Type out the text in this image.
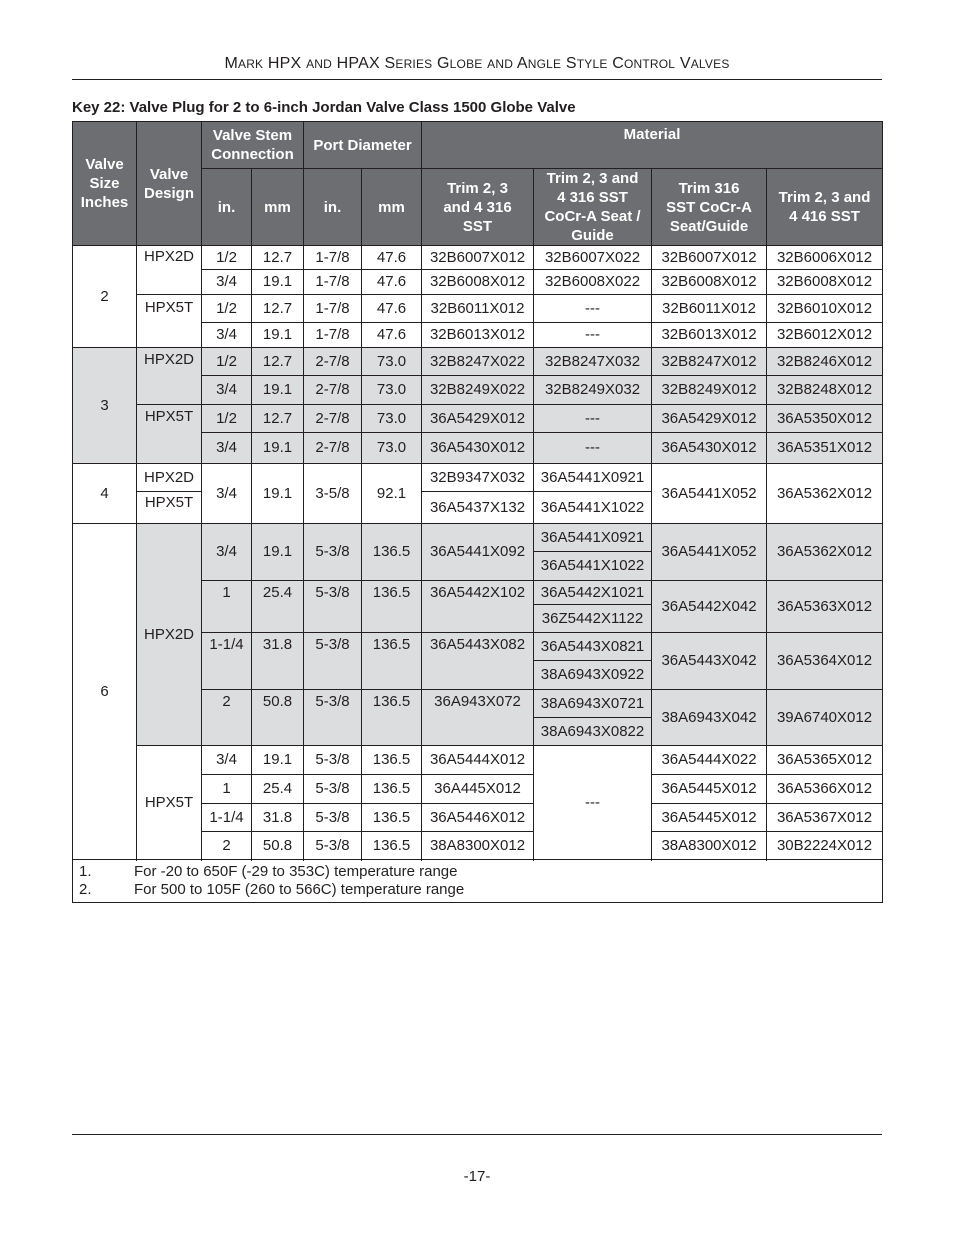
MARK HPX AND HPAX SERIES GLOBE AND ANGLE STYLE CONTROL VALVES
Key 22: Valve Plug for 2 to 6-inch Jordan Valve Class 1500 Globe Valve
Valve Size Inches	Valve Design	Valve Stem Connection		Port Diameter		Material			
		in.	mm	in.	mm	Trim 2, 3 and 4 316 SST	Trim 2, 3 and 4 316 SST CoCr-A Seat / Guide	Trim 316 SST CoCr-A Seat/Guide	Trim 2, 3 and 4 416 SST
2	HPX2D	1/2	12.7	1-7/8	47.6	32B6007X012	32B6007X022	32B6007X012	32B6006X012
		3/4	19.1	1-7/8	47.6	32B6008X012	32B6008X022	32B6008X012	32B6008X012
	HPX5T	1/2	12.7	1-7/8	47.6	32B6011X012	---	32B6011X012	32B6010X012
		3/4	19.1	1-7/8	47.6	32B6013X012	---	32B6013X012	32B6012X012
3	HPX2D	1/2	12.7	2-7/8	73.0	32B8247X022	32B8247X032	32B8247X012	32B8246X012
		3/4	19.1	2-7/8	73.0	32B8249X022	32B8249X032	32B8249X012	32B8248X012
	HPX5T	1/2	12.7	2-7/8	73.0	36A5429X012	---	36A5429X012	36A5350X012
		3/4	19.1	2-7/8	73.0	36A5430X012	---	36A5430X012	36A5351X012
4	HPX2D	3/4	19.1	3-5/8	92.1	32B9347X032	36A5441X0921	36A5441X052	36A5362X012
	HPX5T					36A5437X132	36A5441X1022		
6	HPX2D	3/4	19.1	5-3/8	136.5	36A5441X092	36A5441X0921	36A5441X052	36A5362X012
							36A5441X1022		
		1	25.4	5-3/8	136.5	36A5442X102	36A5442X1021	36A5442X042	36A5363X012
							36Z5442X1122		
		1-1/4	31.8	5-3/8	136.5	36A5443X082	36A5443X0821	36A5443X042	36A5364X012
							38A6943X0922		
		2	50.8	5-3/8	136.5	36A943X072	38A6943X0721	38A6943X042	39A6740X012
							38A6943X0822		
	HPX5T	3/4	19.1	5-3/8	136.5	36A5444X012	---	36A5444X022	36A5365X012

		1	25.4	5-3/8	136.5	36A445X012		36A5445X012	36A5366X012

		1-1/4	31.8	5-3/8	136.5	36A5446X012		36A5445X012	36A5367X012

		2	50.8	5-3/8	136.5	38A8300X012		38A8300X012	30B2224X012

1. For -20 to 650F (-29 to 353C) temperature range
2. For 500 to 105F (260 to 566C) temperature range									
-17-
